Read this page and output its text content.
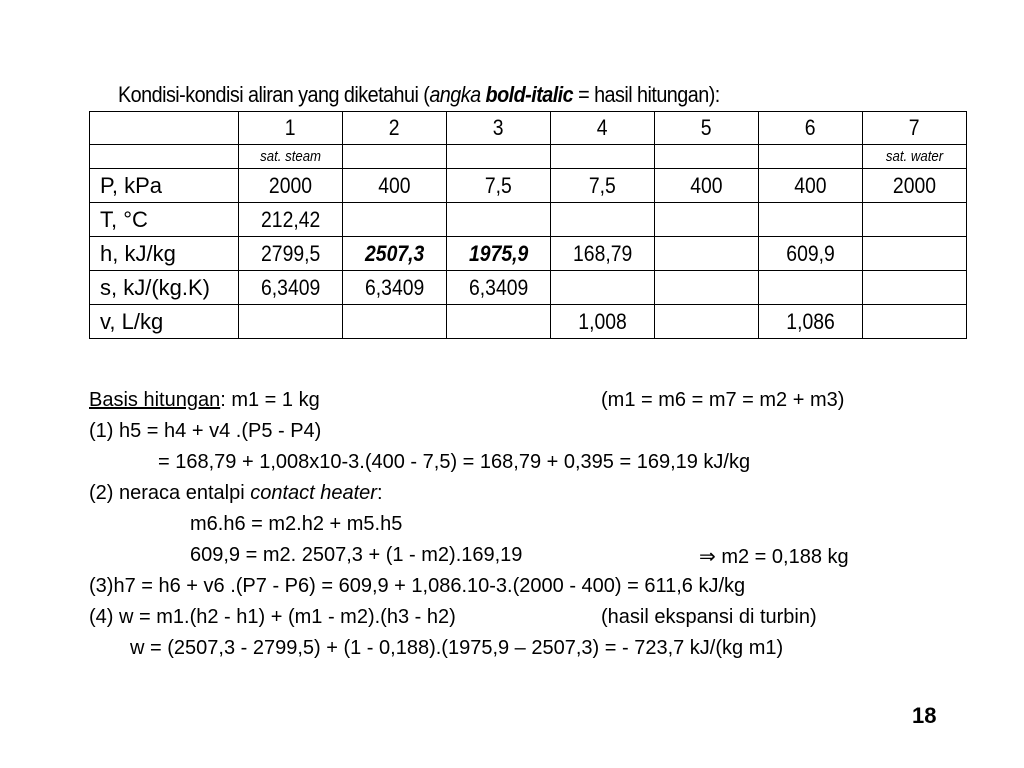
Kondisi-kondisi aliran yang diketahui (angka bold-italic = hasil hitungan):
	1	2	3	4	5	6	7
	sat. steam						sat. water
P, kPa	2000	400	7,5	7,5	400	400	2000
T, °C	212,42						
h, kJ/kg	2799,5	2507,3	1975,9	168,79		609,9	
s, kJ/(kg.K)	6,3409	6,3409	6,3409				
v, L/kg				1,008		1,086	
Basis hitungan: m1 = 1 kg	(m1 = m6 = m7 = m2 + m3)
(1) h5 = h4 + v4 .(P5 - P4)
= 168,79 + 1,008x10-3.(400 - 7,5) = 168,79 + 0,395 = 169,19 kJ/kg
(2) neraca entalpi contact heater:
m6.h6 = m2.h2 + m5.h5
609,9 = m2. 2507,3 + (1 - m2).169,19	⇒ m2 = 0,188 kg
(3)h7 = h6 + v6 .(P7 - P6) = 609,9 + 1,086.10-3.(2000 - 400) = 611,6 kJ/kg
(4) w = m1.(h2 - h1) + (m1 - m2).(h3 - h2)	(hasil ekspansi di turbin)
w = (2507,3 - 2799,5) + (1 - 0,188).(1975,9 – 2507,3) = - 723,7 kJ/(kg m1)
18
